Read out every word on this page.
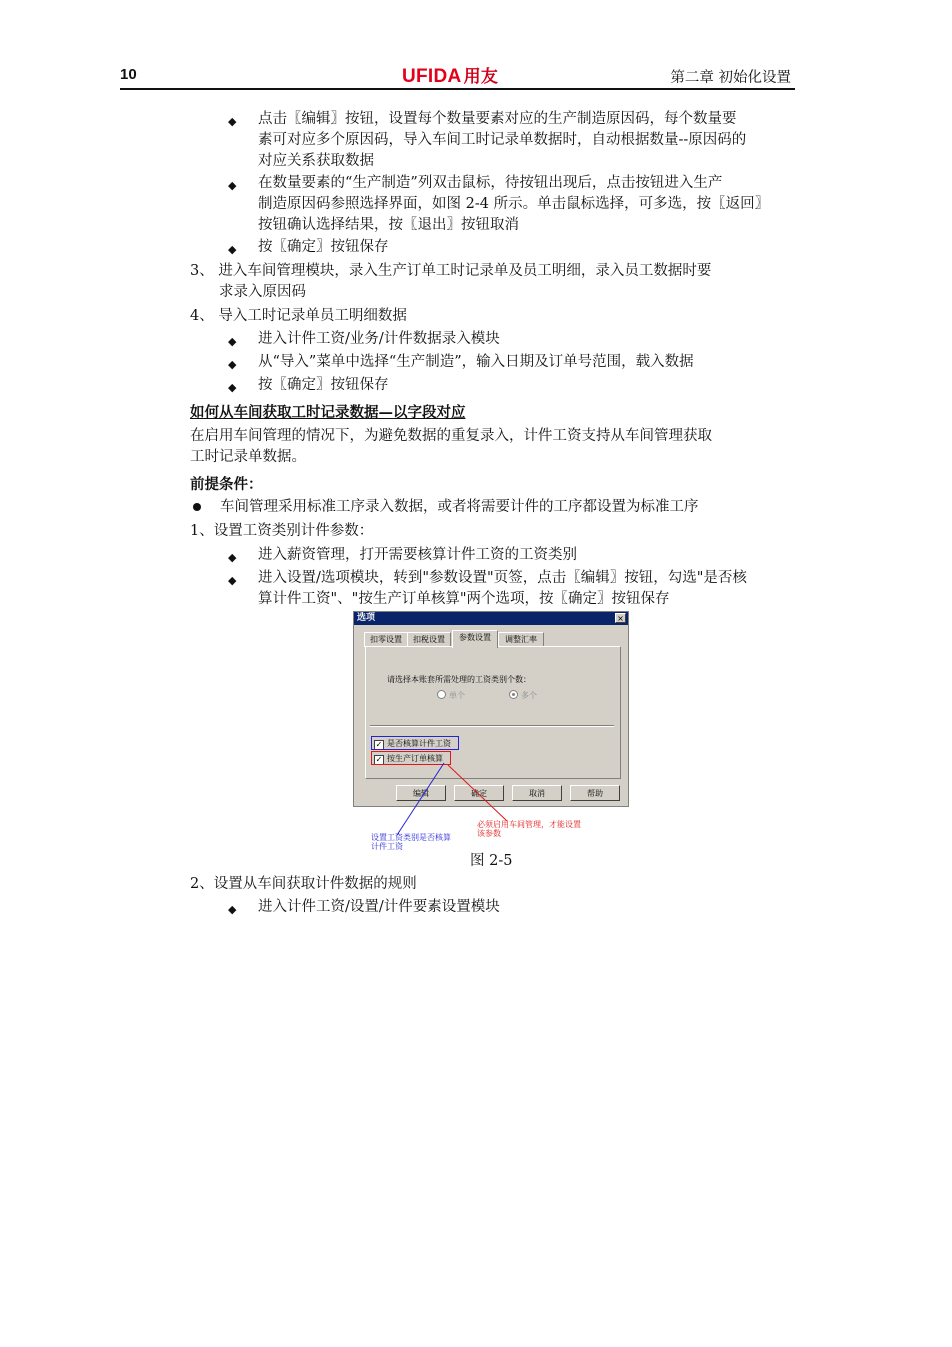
10	UFIDA 用友	第二章 初始化设置
◆ 点击〖编辑〗按钮，设置每个数量要素对应的生产制造原因码，每个数量要
素可对应多个原因码，导入车间工时记录单数据时，自动根据数量--原因码的
对应关系获取数据
◆ 在数量要素的“生产制造”列双击鼠标，待按钮出现后，点击按钮进入生产
制造原因码参照选择界面，如图 2-4 所示。单击鼠标选择，可多选，按〖返回〗
按钮确认选择结果，按〖退出〗按钮取消
◆ 按〖确定〗按钮保存
3、 进入车间管理模块，录入生产订单工时记录单及员工明细，录入员工数据时要
求录入原因码
4、 导入工时记录单员工明细数据
◆ 进入计件工资/业务/计件数据录入模块
◆ 从“导入”菜单中选择“生产制造”，输入日期及订单号范围，载入数据
◆ 按〖确定〗按钮保存
如何从车间获取工时记录数据—以字段对应
在启用车间管理的情况下，为避免数据的重复录入，计件工资支持从车间管理获取
工时记录单数据。
前提条件：
车间管理采用标准工序录入数据，或者将需要计件的工序都设置为标准工序
1、设置工资类别计件参数：
◆ 进入薪资管理，打开需要核算计件工资的工资类别
◆ 进入设置/选项模块，转到"参数设置"页签，点击〖编辑〗按钮，勾选"是否核
算计件工资"、"按生产订单核算"两个选项，按〖确定〗按钮保存
选项	×
扣零设置	扣税设置	参数设置	调整汇率
请选择本账套所需处理的工资类别个数：
单个	多个
✓ 是否核算计件工资
✓ 按生产订单核算
编辑	确定	取消	帮助
设置工资类别是否核算
计件工资
必须启用车间管理，才能设置
该参数
图 2-5
2、设置从车间获取计件数据的规则
◆ 进入计件工资/设置/计件要素设置模块
